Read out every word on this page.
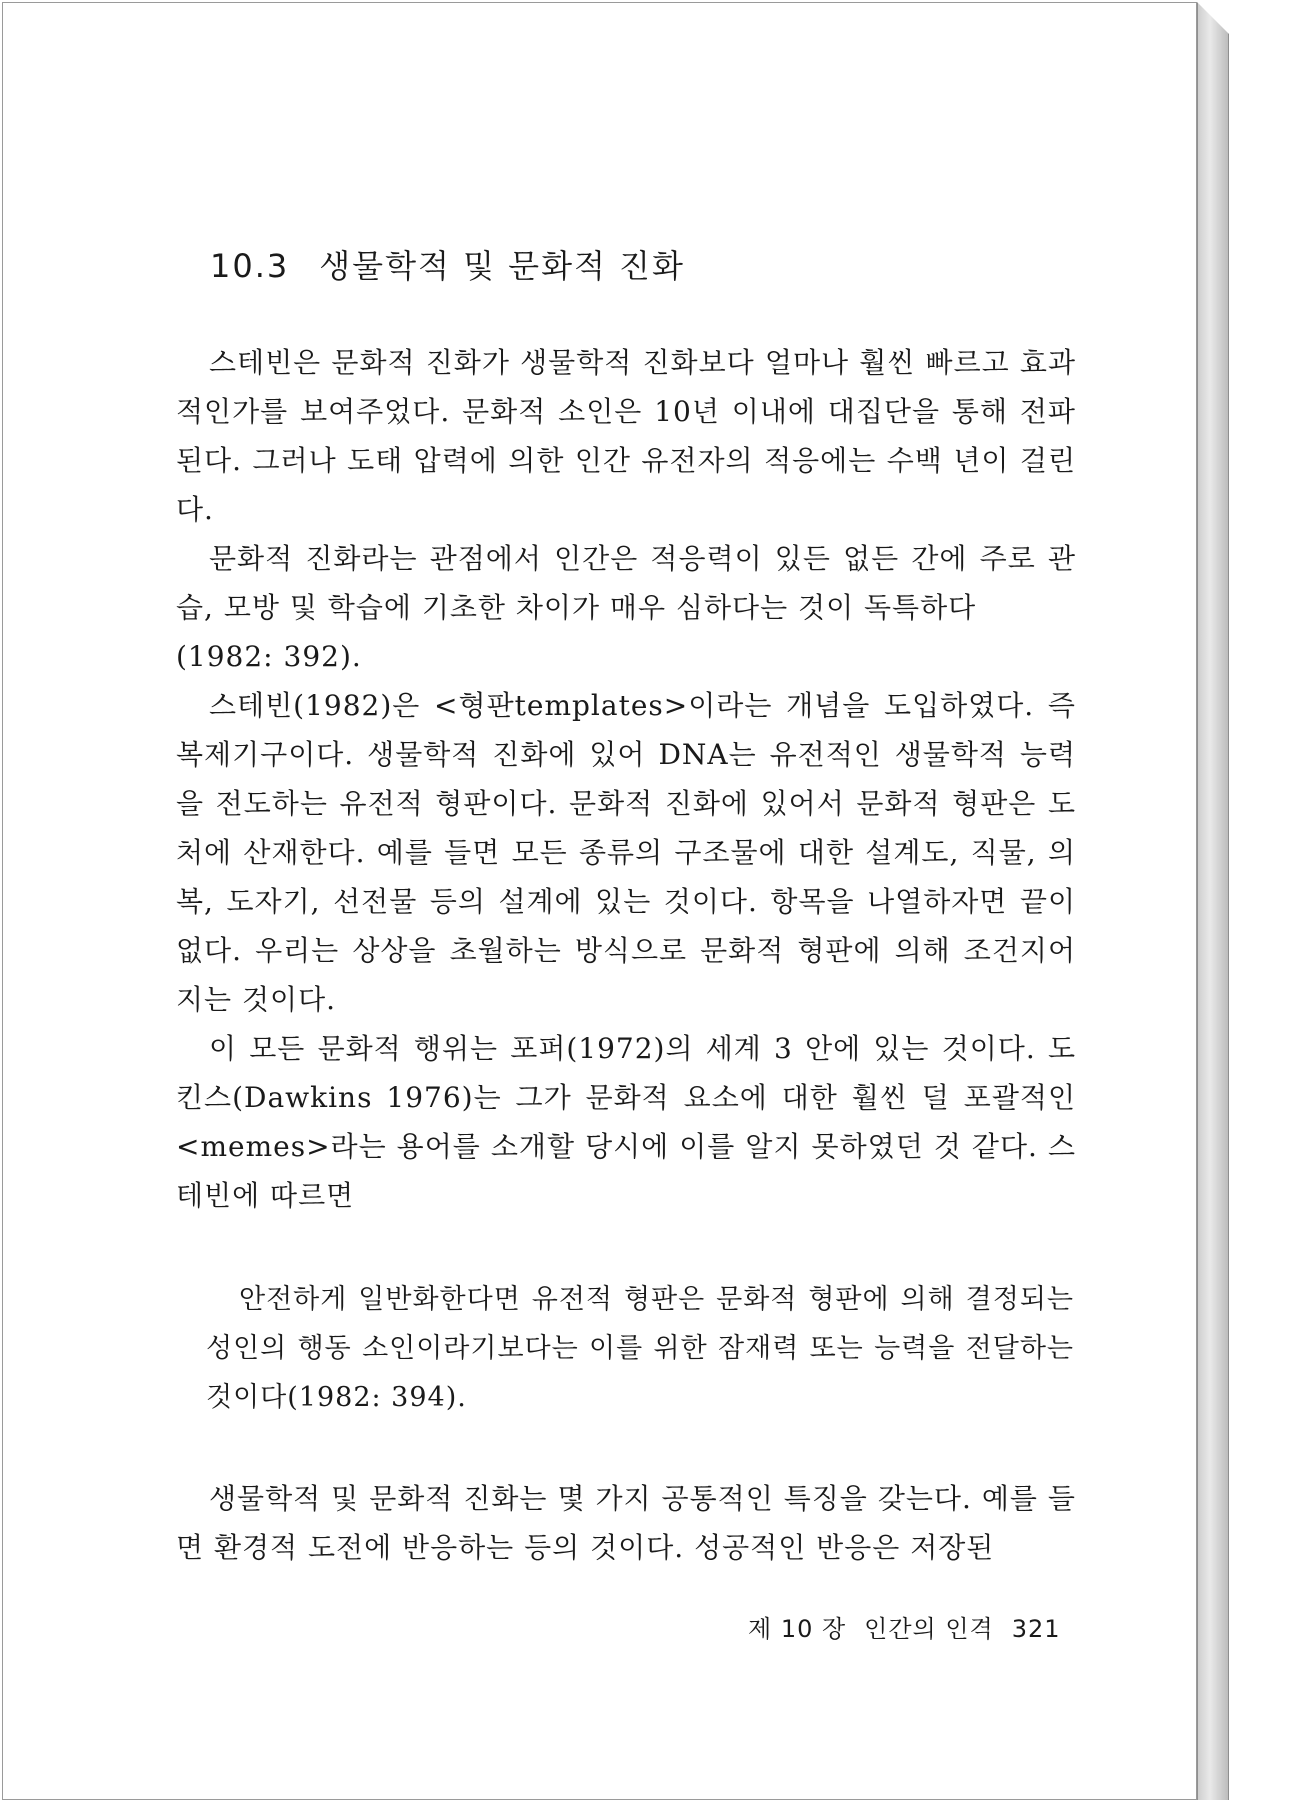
10.3 생물학적 및 문화적 진화

스테빈은 문화적 진화가 생물학적 진화보다 얼마나 훨씬 빠르고 효과적인가를 보여주었다. 문화적 소인은 10년 이내에 대집단을 통해 전파된다. 그러나 도태 압력에 의한 인간 유전자의 적응에는 수백 년이 걸린다.

문화적 진화라는 관점에서 인간은 적응력이 있든 없든 간에 주로 관습, 모방 및 학습에 기초한 차이가 매우 심하다는 것이 독특하다

(1982: 392).

스테빈(1982)은 <형판templates>이라는 개념을 도입하였다. 즉 복제기구이다. 생물학적 진화에 있어 DNA는 유전적인 생물학적 능력을 전도하는 유전적 형판이다. 문화적 진화에 있어서 문화적 형판은 도처에 산재한다. 예를 들면 모든 종류의 구조물에 대한 설계도, 직물, 의복, 도자기, 선전물 등의 설계에 있는 것이다. 항목을 나열하자면 끝이 없다. 우리는 상상을 초월하는 방식으로 문화적 형판에 의해 조건지어지는 것이다.

이 모든 문화적 행위는 포퍼(1972)의 세계 3 안에 있는 것이다. 도킨스(Dawkins 1976)는 그가 문화적 요소에 대한 훨씬 덜 포괄적인 <memes>라는 용어를 소개할 당시에 이를 알지 못하였던 것 같다. 스테빈에 따르면

안전하게 일반화한다면 유전적 형판은 문화적 형판에 의해 결정되는 성인의 행동 소인이라기보다는 이를 위한 잠재력 또는 능력을 전달하는 것이다(1982: 394).

생물학적 및 문화적 진화는 몇 가지 공통적인 특징을 갖는다. 예를 들면 환경적 도전에 반응하는 등의 것이다. 성공적인 반응은 저장된

제 10 장 인간의 인격 321
